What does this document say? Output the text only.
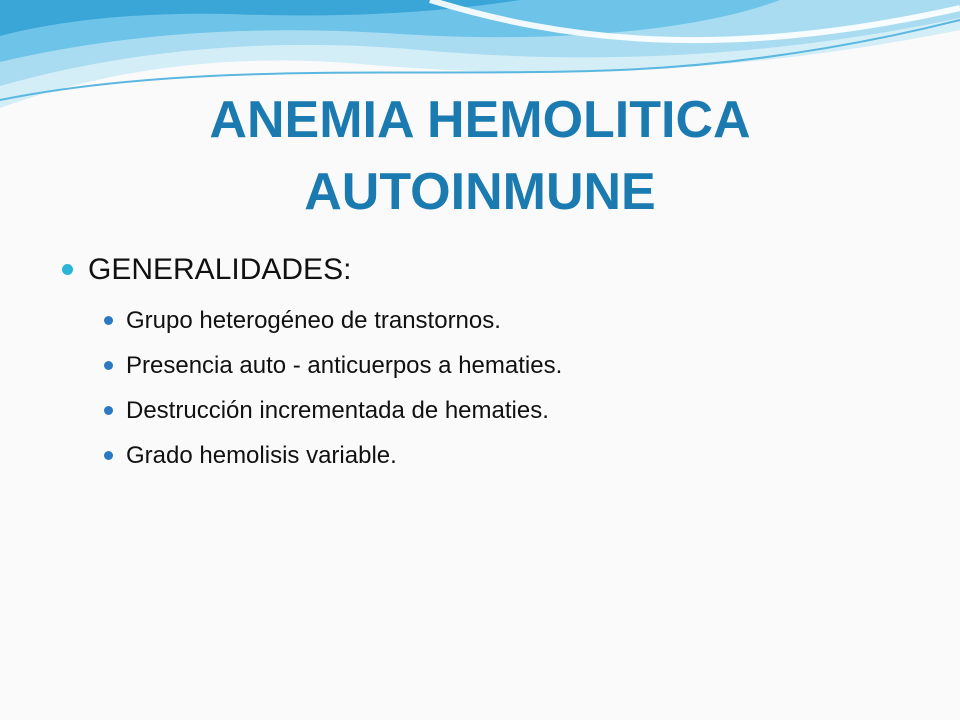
ANEMIA HEMOLITICA
AUTOINMUNE
GENERALIDADES:
Grupo heterogéneo de transtornos.
Presencia auto - anticuerpos a hematies.
Destrucción incrementada de hematies.
Grado hemolisis variable.
